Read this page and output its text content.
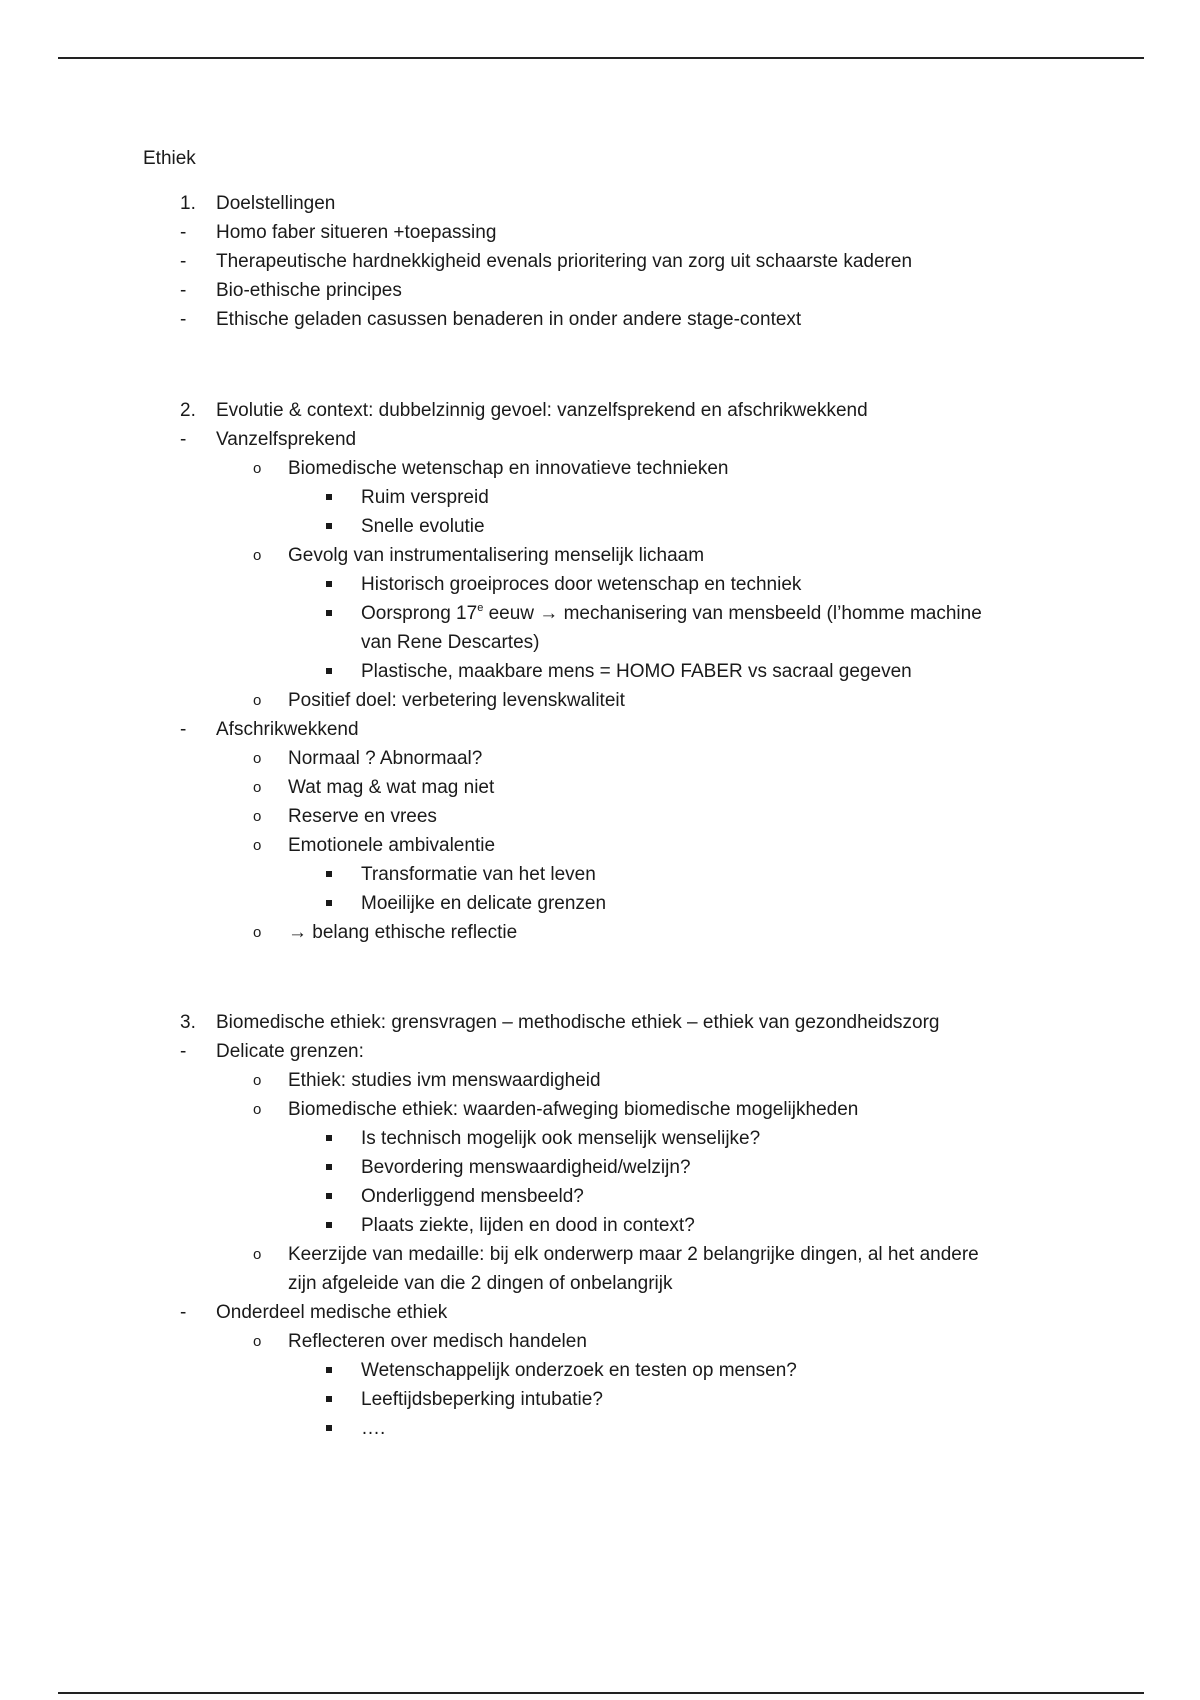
Ethiek
1. Doelstellingen
- Homo faber situeren +toepassing
- Therapeutische hardnekkigheid evenals prioritering van zorg uit schaarste kaderen
- Bio-ethische principes
- Ethische geladen casussen benaderen in onder andere stage-context
2. Evolutie & context: dubbelzinnig gevoel: vanzelfsprekend en afschrikwekkend
- Vanzelfsprekend
o Biomedische wetenschap en innovatieve technieken
Ruim verspreid
Snelle evolutie
o Gevolg van instrumentalisering menselijk lichaam
Historisch groeiproces door wetenschap en techniek
Oorsprong 17e eeuw → mechanisering van mensbeeld (l’homme machine
van Rene Descartes)
Plastische, maakbare mens = HOMO FABER vs sacraal gegeven
o Positief doel: verbetering levenskwaliteit
- Afschrikwekkend
o Normaal ? Abnormaal?
o Wat mag & wat mag niet
o Reserve en vrees
o Emotionele ambivalentie
Transformatie van het leven
Moeilijke en delicate grenzen
o → belang ethische reflectie
3. Biomedische ethiek: grensvragen – methodische ethiek – ethiek van gezondheidszorg
- Delicate grenzen:
o Ethiek: studies ivm menswaardigheid
o Biomedische ethiek: waarden-afweging biomedische mogelijkheden
Is technisch mogelijk ook menselijk wenselijke?
Bevordering menswaardigheid/welzijn?
Onderliggend mensbeeld?
Plaats ziekte, lijden en dood in context?
o Keerzijde van medaille: bij elk onderwerp maar 2 belangrijke dingen, al het andere
zijn afgeleide van die 2 dingen of onbelangrijk
- Onderdeel medische ethiek
o Reflecteren over medisch handelen
Wetenschappelijk onderzoek en testen op mensen?
Leeftijdsbeperking intubatie?
….
